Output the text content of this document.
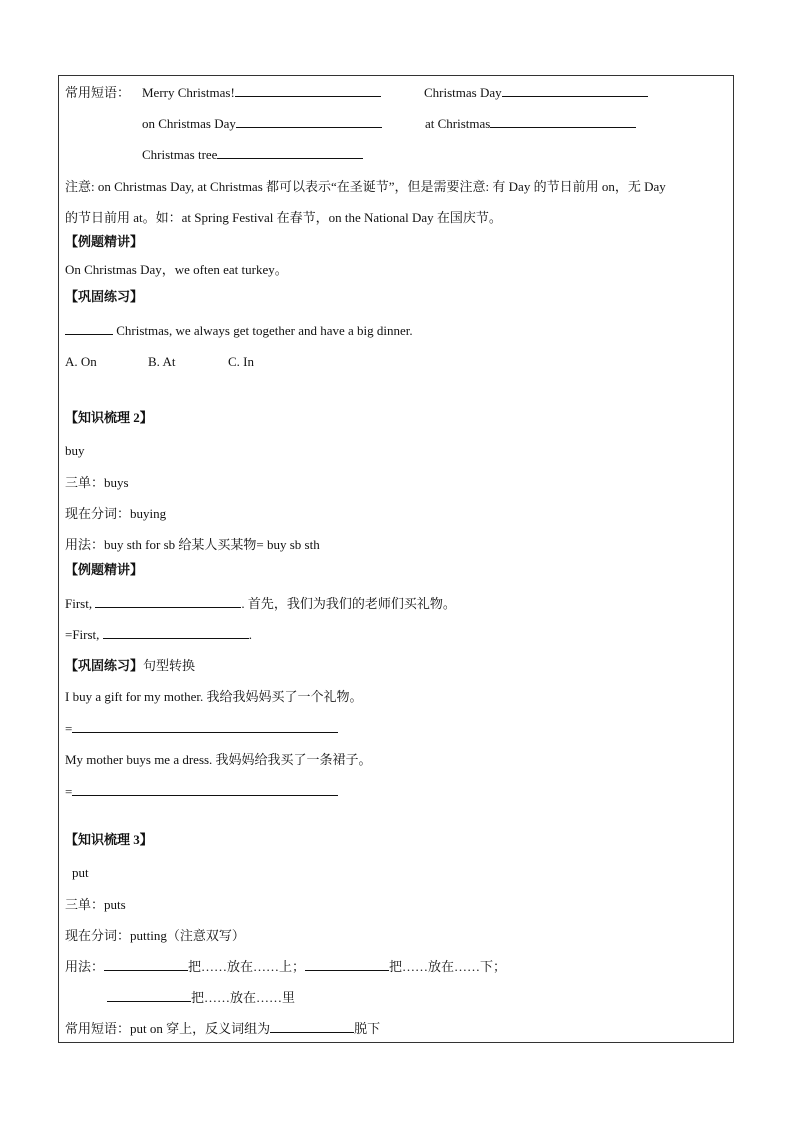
常用短语： Merry Christmas!	Christmas Day
on Christmas Day	at Christmas
Christmas tree
注意: on Christmas Day, at Christmas 都可以表示“在圣诞节”，但是需要注意: 有 Day 的节日前用 on，无 Day
的节日前用 at。如：at Spring Festival 在春节，on the National Day 在国庆节。
【例题精讲】
On Christmas Day，we often eat turkey。
【巩固练习】
Christmas, we always get together and have a big dinner.
A. On	B. At	C. In
【知识梳理 2】
buy
三单：buys
现在分词：buying
用法：buy sth for sb 给某人买某物= buy sb sth
【例题精讲】
First,	. 首先，我们为我们的老师们买礼物。
=First,	.
【巩固练习】句型转换
I buy a gift for my mother. 我给我妈妈买了一个礼物。
=
My mother buys me a dress. 我妈妈给我买了一条裙子。
=
【知识梳理 3】
put
三单：puts
现在分词：putting（注意双写）
用法：	把……放在……上；	把……放在……下；
把……放在……里
常用短语：put on 穿上，反义词组为	脱下
